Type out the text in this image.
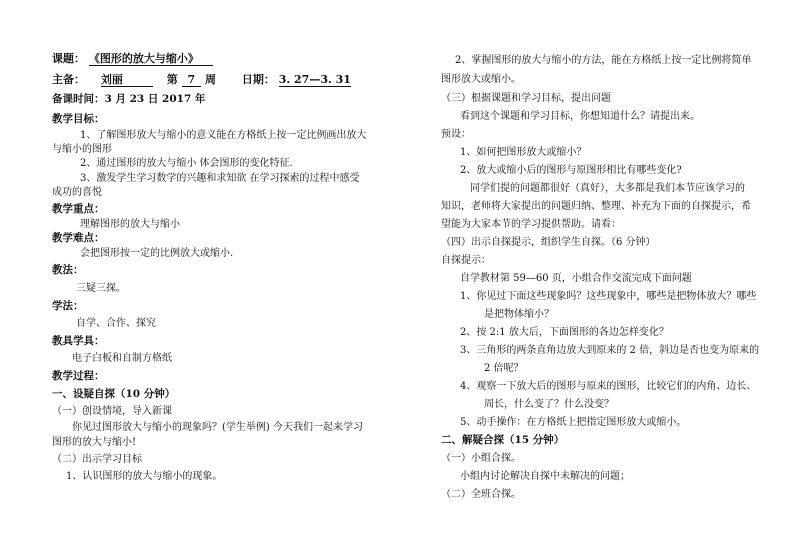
课题： 《图形的放大与缩小》
主备： 刘丽	第 7 周 日期： 3. 27—3. 31
备课时间：3 月 23 日 2017 年
教学目标：
1、了解图形放大与缩小的意义能在方格纸上按一定比例画出放大
与缩小的图形
2、通过图形的放大与缩小 体会图形的变化特征.
3、激发学生学习数学的兴趣和求知欲 在学习探索的过程中感受
成功的喜悦
教学重点：
理解图形的放大与缩小
教学难点：
会把图形按一定的比例放大或缩小.
教法：
三疑三探。
学法：
自学、合作、探究
教具学具：
电子白板和自制方格纸
教学过程：
一、设疑自探（10 分钟）
（一）创设情境，导入新课
你见过图形放大与缩小的现象吗？(学生举例) 今天我们一起来学习
图形的放大与缩小!
（二）出示学习目标
1、认识图形的放大与缩小的现象。
2、掌握图形的放大与缩小的方法，能在方格纸上按一定比例将简单
图形放大或缩小。
（三）根据课题和学习目标，提出问题
看到这个课题和学习目标，你想知道什么？请提出来。
预设：
1、如何把图形放大或缩小？
2、放大或缩小后的图形与原图形相比有哪些变化?
同学们提的问题都很好（真好），大多都是我们本节应该学习的
知识，老师将大家提出的问题归纳、整理、补充为下面的自探提示，希
望能为大家本节的学习提供帮助。请看：
（四）出示自探提示，组织学生自探。（6 分钟）
自探提示：
自学教材第 59—60 页，小组合作交流完成下面问题
1、你见过下面这些现象吗？这些现象中，哪些是把物体放大？哪些
是把物体缩小？
2、按 2:1 放大后，下面图形的各边怎样变化？
3、三角形的两条直角边放大到原来的 2 倍，斜边是否也变为原来的
2 倍呢？
4、观察一下放大后的图形与原来的图形，比较它们的内角、边长、
周长，什么变了？什么没变？
5、动手操作：在方格纸上把指定图形放大或缩小。
二、解疑合探（15 分钟）
（一）小组合探。
小组内讨论解决自探中未解决的问题；
（二）全班合探。
